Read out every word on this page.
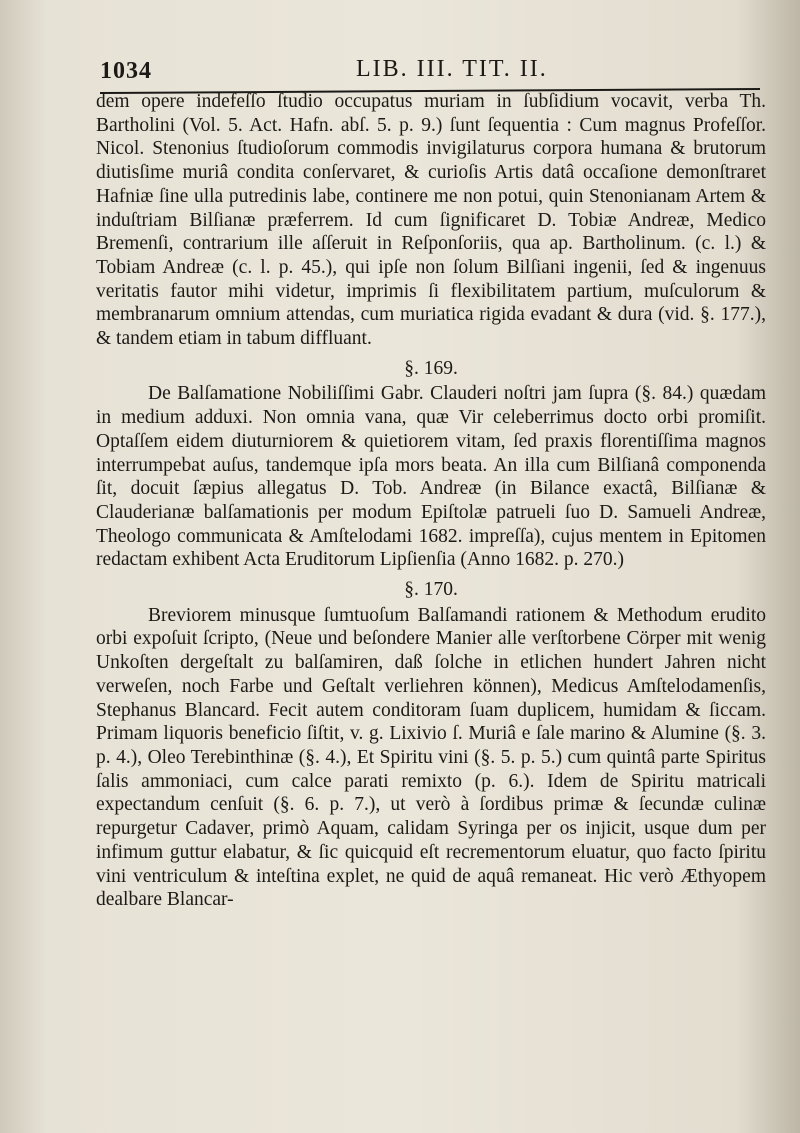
1034	LIB. III. TIT. II.

dem opere indefeſſo ſtudio occupatus muriam in ſubſidium vocavit, verba Th. Bartholini (Vol. 5. Act. Hafn. abſ. 5. p. 9.) ſunt ſequentia : Cum magnus Profeſſor. Nicol. Stenonius ſtudioſorum commodis invigilaturus corpora humana & brutorum diutisſime muriâ condita conſervaret, & curioſis Artis datâ occaſione demonſtraret Hafniæ ſine ulla putredinis labe, continere me non potui, quin Stenonianam Artem & induſtriam Bilſianæ præferrem. Id cum ſignificaret D. Tobiæ Andreæ, Medico Bremenſi, contrarium ille aſſeruit in Reſponſoriis, qua ap. Bartholinum. (c. l.) & Tobiam Andreæ (c. l. p. 45.), qui ipſe non ſolum Bilſiani ingenii, ſed & ingenuus veritatis fautor mihi videtur, imprimis ſi flexibilitatem partium, muſculorum & membranarum omnium attendas, cum muriatica rigida evadant & dura (vid. §. 177.), & tandem etiam in tabum diffluant.

§. 169.

De Balſamatione Nobiliſſimi Gabr. Clauderi noſtri jam ſupra (§. 84.) quædam in medium adduxi. Non omnia vana, quæ Vir celeberrimus docto orbi promiſit. Optaſſem eidem diuturniorem & quietiorem vitam, ſed praxis florentiſſima magnos interrumpebat auſus, tandemque ipſa mors beata. An illa cum Bilſianâ componenda ſit, docuit ſæpius allegatus D. Tob. Andreæ (in Bilance exactâ, Bilſianæ & Clauderianæ balſamationis per modum Epiſtolæ patrueli ſuo D. Samueli Andreæ, Theologo communicata & Amſtelodami 1682. impreſſa), cujus mentem in Epitomen redactam exhibent Acta Eruditorum Lipſienſia (Anno 1682. p. 270.)

§. 170.

Breviorem minusque ſumtuoſum Balſamandi rationem & Methodum erudito orbi expoſuit ſcripto, (Neue und beſondere Manier alle verſtorbene Cörper mit wenig Unkoſten dergeſtalt zu balſamiren, daß ſolche in etlichen hundert Jahren nicht verweſen, noch Farbe und Geſtalt verliehren können), Medicus Amſtelodamenſis, Stephanus Blancard. Fecit autem conditoram ſuam duplicem, humidam & ſiccam. Primam liquoris beneficio ſiſtit, v. g. Lixivio ſ. Muriâ e ſale marino & Alumine (§. 3. p. 4.), Oleo Terebinthinæ (§. 4.), Et Spiritu vini (§. 5. p. 5.) cum quintâ parte Spiritus ſalis ammoniaci, cum calce parati remixto (p. 6.). Idem de Spiritu matricali expectandum cenſuit (§. 6. p. 7.), ut verò à ſordibus primæ & ſecundæ culinæ repurgetur Cadaver, primò Aquam, calidam Syringa per os injicit, usque dum per infimum guttur elabatur, & ſic quicquid eſt recrementorum eluatur, quo facto ſpiritu vini ventriculum & inteſtina explet, ne quid de aquâ remaneat. Hic verò Æthyopem dealbare Blancar-
